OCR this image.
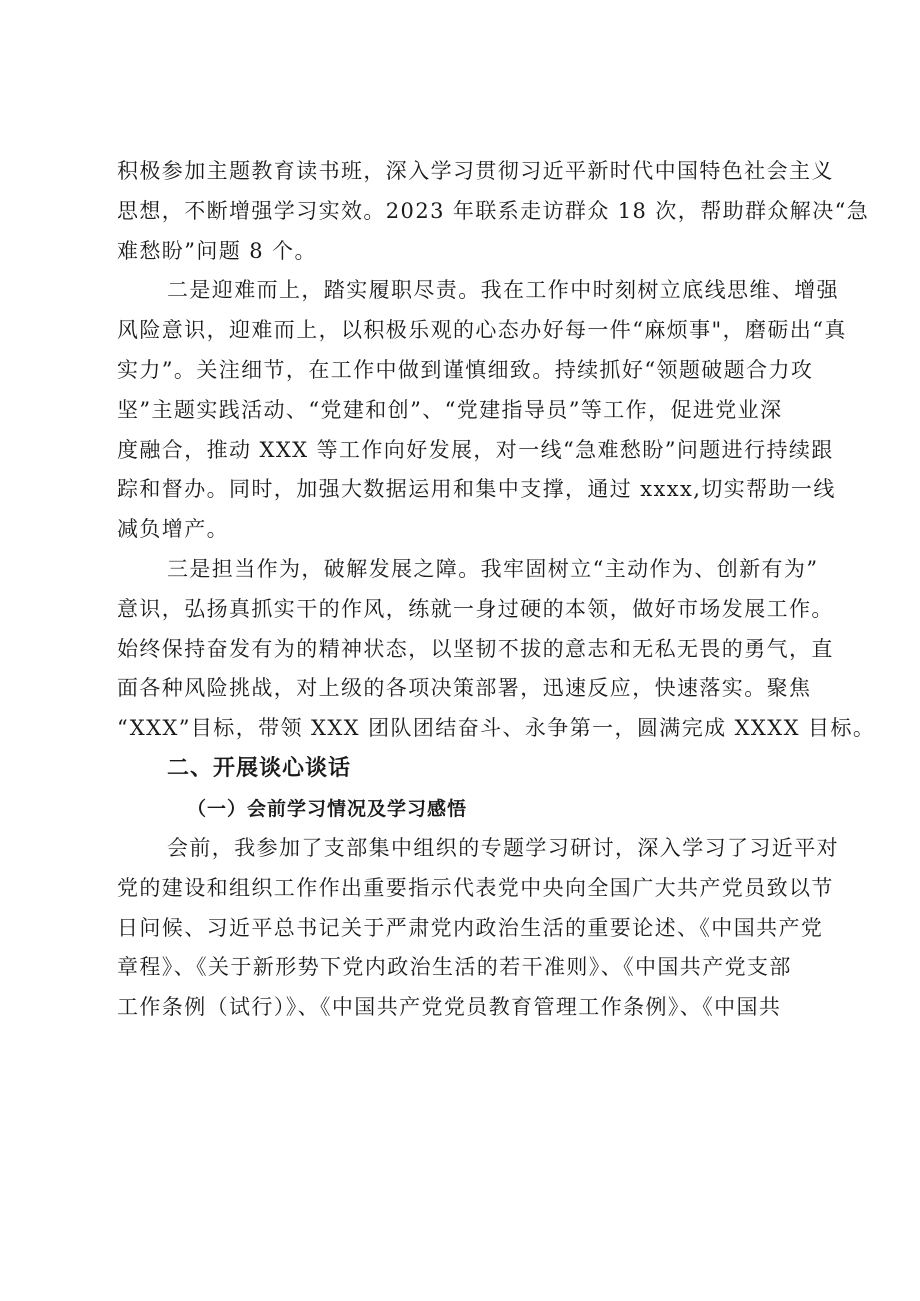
积极参加主题教育读书班，深入学习贯彻习近平新时代中国特色社会主义
思想，不断增强学习实效。2023 年联系走访群众 18 次，帮助群众解决“急
难愁盼”问题 8 个。

二是迎难而上，踏实履职尽责。我在工作中时刻树立底线思维、增强
风险意识，迎难而上，以积极乐观的心态办好每一件“麻烦事"，磨砺出“真
实力”。关注细节，在工作中做到谨慎细致。持续抓好“领题破题合力攻
坚”主题实践活动、“党建和创”、“党建指导员”等工作，促进党业深
度融合，推动 XXX 等工作向好发展，对一线“急难愁盼”问题进行持续跟
踪和督办。同时，加强大数据运用和集中支撑，通过 xxxx,切实帮助一线
减负增产。

三是担当作为，破解发展之障。我牢固树立“主动作为、创新有为”
意识，弘扬真抓实干的作风，练就一身过硬的本领，做好市场发展工作。
始终保持奋发有为的精神状态，以坚韧不拔的意志和无私无畏的勇气，直
面各种风险挑战，对上级的各项决策部署，迅速反应，快速落实。聚焦
“XXX”目标，带领 XXX 团队团结奋斗、永争第一，圆满完成 XXXX 目标。

二、开展谈心谈话
（一）会前学习情况及学习感悟

会前，我参加了支部集中组织的专题学习研讨，深入学习了习近平对
党的建设和组织工作作出重要指示代表党中央向全国广大共产党员致以节
日问候、习近平总书记关于严肃党内政治生活的重要论述、《中国共产党
章程》、《关于新形势下党内政治生活的若干准则》、《中国共产党支部
工作条例（试行）》、《中国共产党党员教育管理工作条例》、《中国共
